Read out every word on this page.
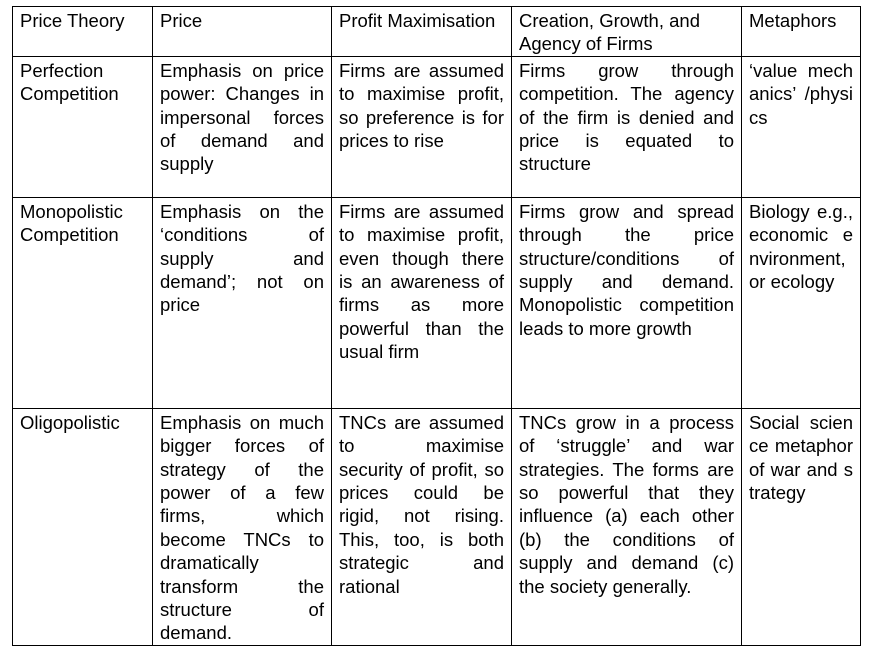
Price Theory	Price	Profit Maximisation	Creation, Growth, and Agency of Firms	Metaphors
Perfection Competition	Emphasis on price power: Changes in impersonal forces of demand and supply	Firms are assumed to maximise profit, so preference is for prices to rise	Firms grow through competition. The agency of the firm is denied and price is equated to structure	‘value mechanics’ /physics
Monopolistic Competition	Emphasis on the ‘conditions of supply and demand’; not on price	Firms are assumed to maximise profit, even though there is an awareness of firms as more powerful than the usual firm	Firms grow and spread through the price structure/conditions of supply and demand. Monopolistic competition leads to more growth	Biology e.g., economic environment, or ecology
Oligopolistic	Emphasis on much bigger forces of strategy of the power of a few firms, which become TNCs to dramatically transform the structure of demand.	TNCs are assumed to maximise security of profit, so prices could be rigid, not rising. This, too, is both strategic and rational	TNCs grow in a process of ‘struggle’ and war strategies. The forms are so powerful that they influence (a) each other (b) the conditions of supply and demand (c) the society generally.	Social science metaphor of war and strategy
